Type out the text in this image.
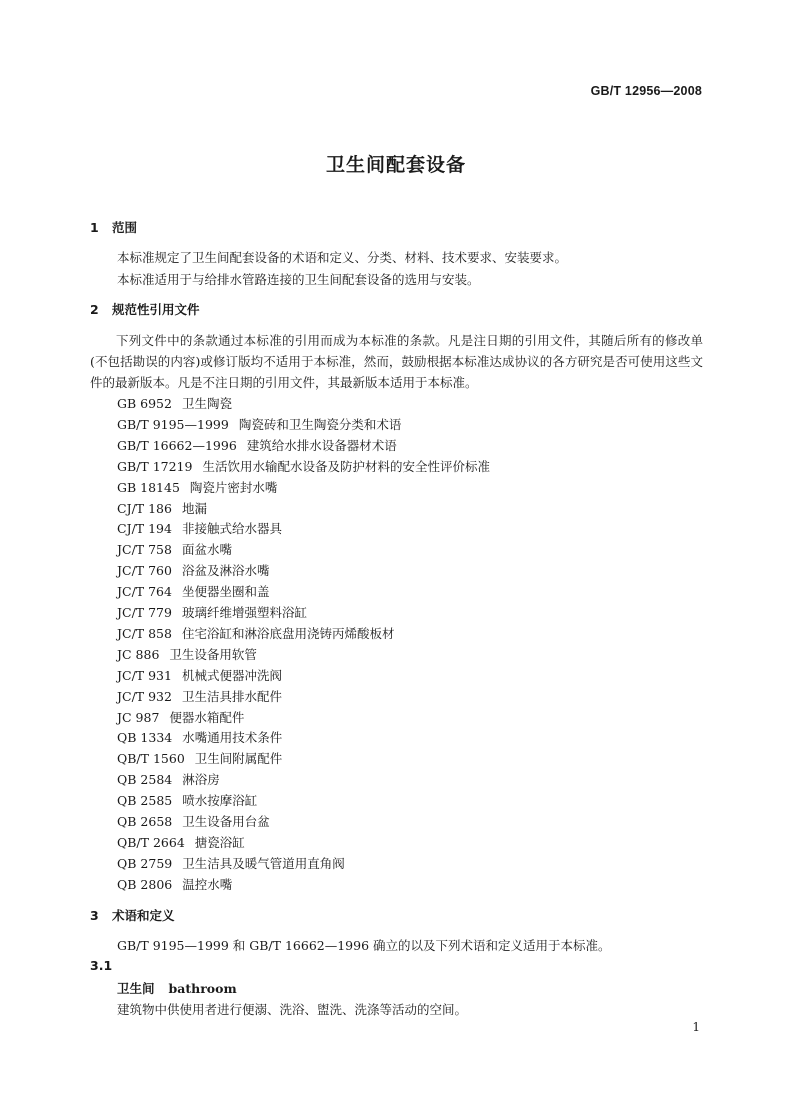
GB/T 12956—2008
卫生间配套设备
1 范围
本标准规定了卫生间配套设备的术语和定义、分类、材料、技术要求、安装要求。
本标准适用于与给排水管路连接的卫生间配套设备的选用与安装。
2 规范性引用文件
下列文件中的条款通过本标准的引用而成为本标准的条款。凡是注日期的引用文件，其随后所有的修改单(不包括勘误的内容)或修订版均不适用于本标准，然而，鼓励根据本标准达成协议的各方研究是否可使用这些文件的最新版本。凡是不注日期的引用文件，其最新版本适用于本标准。
GB 6952 卫生陶瓷
GB/T 9195—1999 陶瓷砖和卫生陶瓷分类和术语
GB/T 16662—1996 建筑给水排水设备器材术语
GB/T 17219 生活饮用水输配水设备及防护材料的安全性评价标准
GB 18145 陶瓷片密封水嘴
CJ/T 186 地漏
CJ/T 194 非接触式给水器具
JC/T 758 面盆水嘴
JC/T 760 浴盆及淋浴水嘴
JC/T 764 坐便器坐圈和盖
JC/T 779 玻璃纤维增强塑料浴缸
JC/T 858 住宅浴缸和淋浴底盘用浇铸丙烯酸板材
JC 886 卫生设备用软管
JC/T 931 机械式便器冲洗阀
JC/T 932 卫生洁具排水配件
JC 987 便器水箱配件
QB 1334 水嘴通用技术条件
QB/T 1560 卫生间附属配件
QB 2584 淋浴房
QB 2585 喷水按摩浴缸
QB 2658 卫生设备用台盆
QB/T 2664 搪瓷浴缸
QB 2759 卫生洁具及暖气管道用直角阀
QB 2806 温控水嘴
3 术语和定义
GB/T 9195—1999 和 GB/T 16662—1996 确立的以及下列术语和定义适用于本标准。
3.1
卫生间 bathroom
建筑物中供使用者进行便溺、洗浴、盥洗、洗涤等活动的空间。
1
